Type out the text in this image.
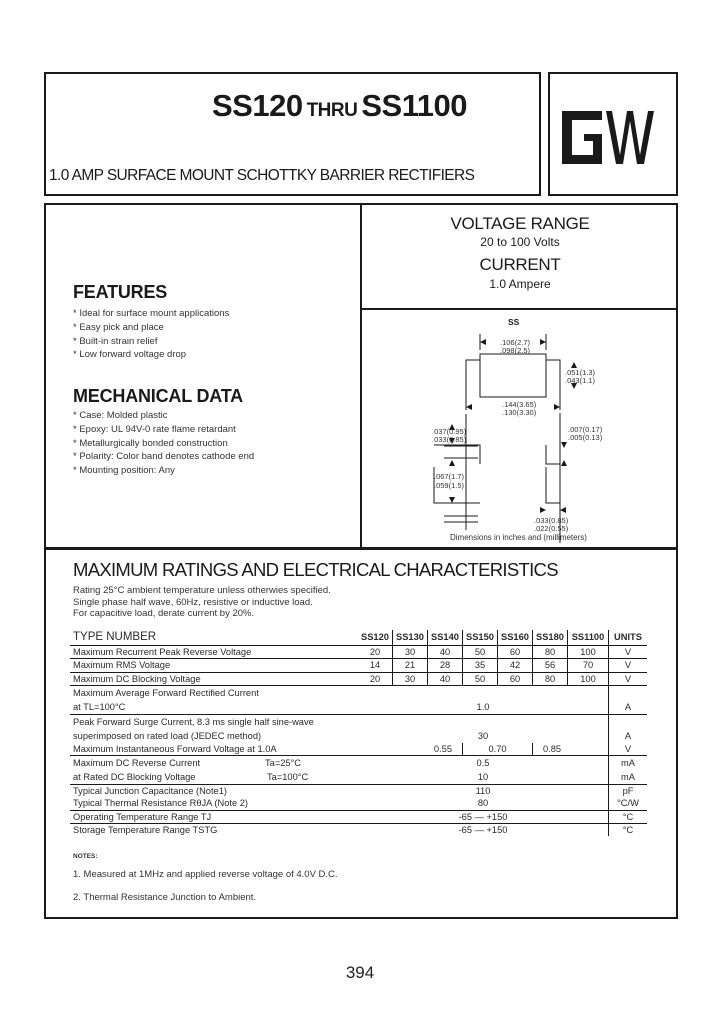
SS120 THRU SS1100
1.0 AMP SURFACE MOUNT SCHOTTKY BARRIER RECTIFIERS
FEATURES
* Ideal for surface mount applications
* Easy pick and place
* Built-in strain relief
* Low forward voltage drop
MECHANICAL DATA
* Case: Molded plastic
* Epoxy: UL 94V-0 rate flame retardant
* Metallurgically bonded construction
* Polarity: Color band denotes cathode end
* Mounting position: Any
VOLTAGE RANGE
20 to 100 Volts
CURRENT
1.0 Ampere
SS
.106(2.7)
.098(2.5)
.051(1.3)
.043(1.1)
.144(3.65)
.130(3.30)
.037(0.95)
.033(0.85)
.007(0.17)
.005(0.13)
.067(1.7)
.059(1.5)
.033(0.85)
.022(0.55)
Dimensions in inches and (millimeters)
MAXIMUM RATINGS AND ELECTRICAL CHARACTERISTICS
Rating 25°C ambient temperature unless otherwies specified.
Single phase half wave, 60Hz, resistive or inductive load.
For capacitive load, derate current by 20%.
TYPE NUMBER	SS120	SS130	SS140	SS150	SS160	SS180	SS1100	UNITS
Maximum Recurrent Peak Reverse Voltage	20	30	40	50	60	80	100	V
Maximum RMS Voltage	14	21	28	35	42	56	70	V
Maximum DC Blocking Voltage	20	30	40	50	60	80	100	V
Maximum Average Forward Rectified Current								
at TL=100°C	1.0							A
Peak Forward Surge Current, 8.3 ms single half sine-wave								
superimposed on rated load (JEDEC method)	30							A
Maximum Instantaneous Forward Voltage at 1.0A	0.55			0.70		0.85		V
Maximum DC Reverse Current Ta=25°C	0.5							mA
at Rated DC Blocking Voltage Ta=100°C	10							mA
Typical Junction Capacitance (Note1)	110							pF
Typical Thermal Resistance RθJA (Note 2)	80							°C/W
Operating Temperature Range TJ	-65 — +150							°C
Storage Temperature Range TSTG	-65 — +150							°C
NOTES:
1. Measured at 1MHz and applied reverse voltage of 4.0V D.C.
2. Thermal Resistance Junction to Ambient.
394
